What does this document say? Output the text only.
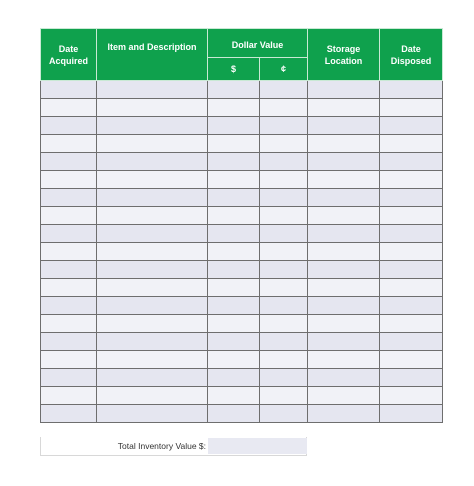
Date Acquired	Item and Description	Dollar Value		Storage Location	Date Disposed
		$	¢		

Total Inventory Value $:
